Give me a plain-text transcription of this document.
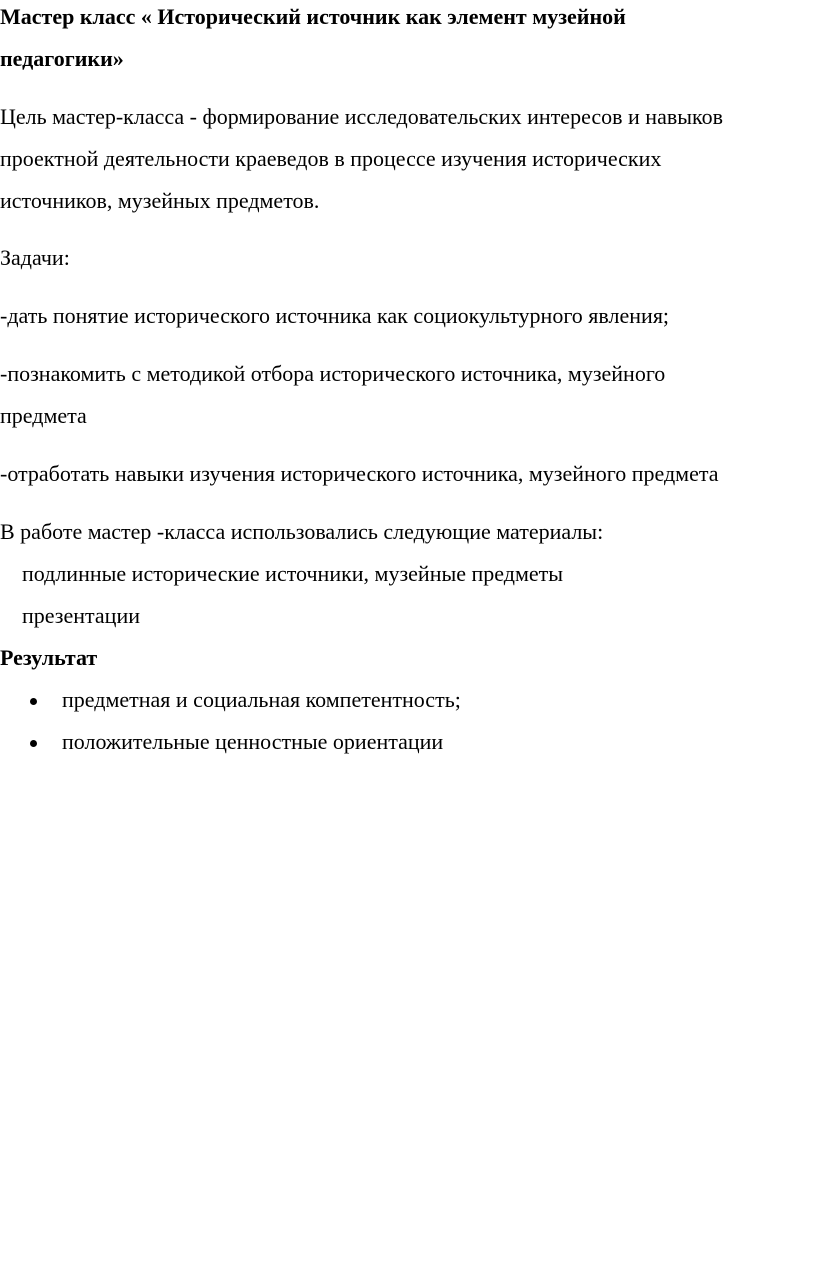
Мастер класс « Исторический источник как элемент музейной
педагогики»
Цель мастер-класса - формирование исследовательских интересов и навыков
проектной деятельности краеведов в процессе изучения исторических
источников, музейных предметов.
Задачи:
-дать понятие исторического источника как социокультурного явления;
-познакомить с методикой отбора исторического источника, музейного
предмета
-отработать навыки изучения исторического источника, музейного предмета
В работе мастер -класса использовались следующие материалы:
подлинные исторические источники, музейные предметы
презентации
Результат
предметная и социальная компетентность;
положительные ценностные ориентации
